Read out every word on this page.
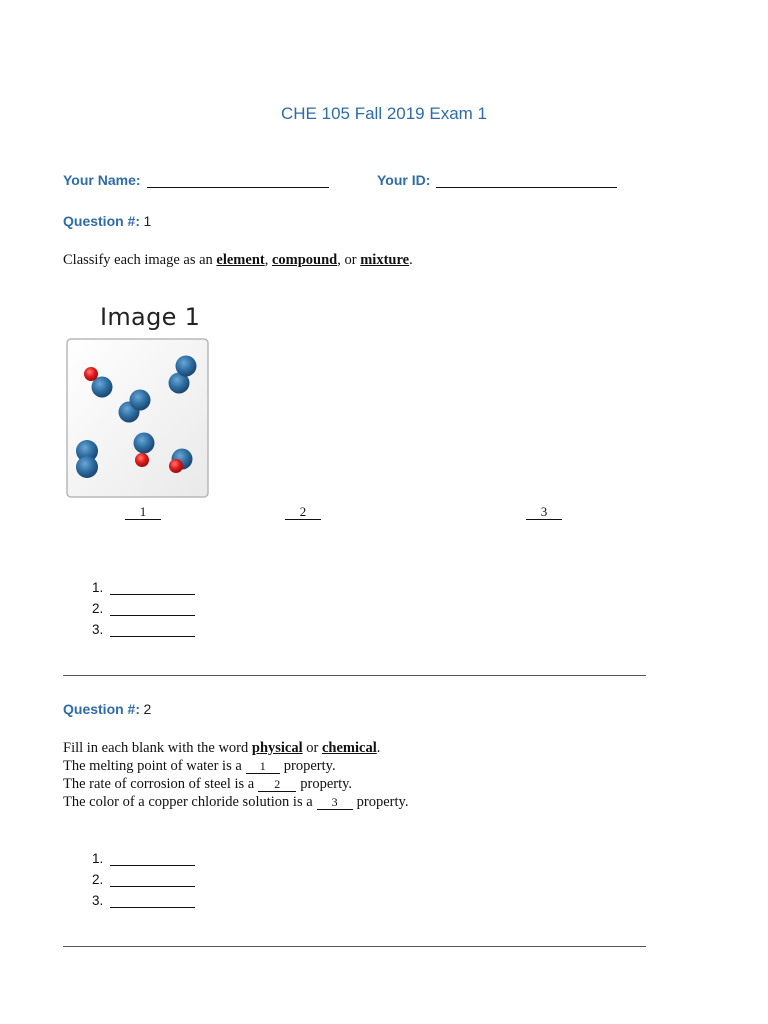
CHE 105 Fall 2019 Exam 1
Your Name:	Your ID:
Question #: 1
Classify each image as an element, compound, or mixture.
Image 1
1	2	3
1.
2.
3.
Question #: 2
Fill in each blank with the word physical or chemical.
The melting point of water is a 1 property.
The rate of corrosion of steel is a 2 property.
The color of a copper chloride solution is a 3 property.
1.
2.
3.
